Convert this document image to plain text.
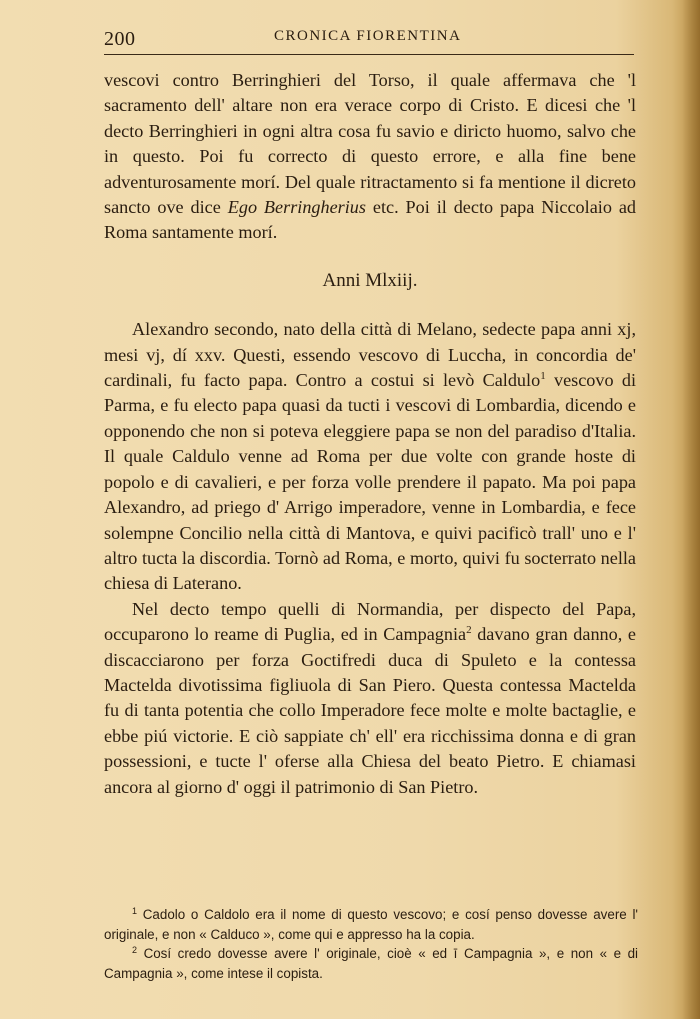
200	CRONICA FIORENTINA

vescovi contro Berringhieri del Torso, il quale affermava che 'l sacramento dell' altare non era verace corpo di Cristo. E dicesi che 'l decto Berringhieri in ogni altra cosa fu savio e diricto huomo, salvo che in questo. Poi fu correcto di questo errore, e alla fine bene adventurosamente morí. Del quale ritractamento si fa mentione il dicreto sancto ove dice Ego Berringherius etc. Poi il decto papa Niccolaio ad Roma santamente morí.

Anni Mlxiij.

Alexandro secondo, nato della città di Melano, sedecte papa anni xj, mesi vj, dí xxv. Questi, essendo vescovo di Luccha, in concordia de' cardinali, fu facto papa. Contro a costui si levò Caldulo$^1$ vescovo di Parma, e fu electo papa quasi da tucti i vescovi di Lombardia, dicendo e opponendo che non si poteva eleggiere papa se non del paradiso d'Italia. Il quale Caldulo venne ad Roma per due volte con grande hoste di popolo e di cavalieri, e per forza volle prendere il papato. Ma poi papa Alexandro, ad priego d' Arrigo imperadore, venne in Lombardia, e fece solempne Concilio nella città di Mantova, e quivi pacificò trall' uno e l' altro tucta la discordia. Tornò ad Roma, e morto, quivi fu socterrato nella chiesa di Laterano.

Nel decto tempo quelli di Normandia, per dispecto del Papa, occuparono lo reame di Puglia, ed in Campagnia$^2$ davano gran danno, e discacciarono per forza Goctifredi duca di Spuleto e la contessa Mactelda divotissima figliuola di San Piero. Questa contessa Mactelda fu di tanta potentia che collo Imperadore fece molte e molte bactaglie, e ebbe piú victorie. E ciò sappiate ch' ell' era ricchissima donna e di gran possessioni, e tucte l' oferse alla Chiesa del beato Pietro. E chiamasi ancora al giorno d' oggi il patrimonio di San Pietro.

$^1$ Cadolo o Caldolo era il nome di questo vescovo; e cosí penso dovesse avere l' originale, e non « Calduco », come qui e appresso ha la copia.

$^2$ Cosí credo dovesse avere l' originale, cioè « ed ī Campagnia », e non « e di Campagnia », come intese il copista.
